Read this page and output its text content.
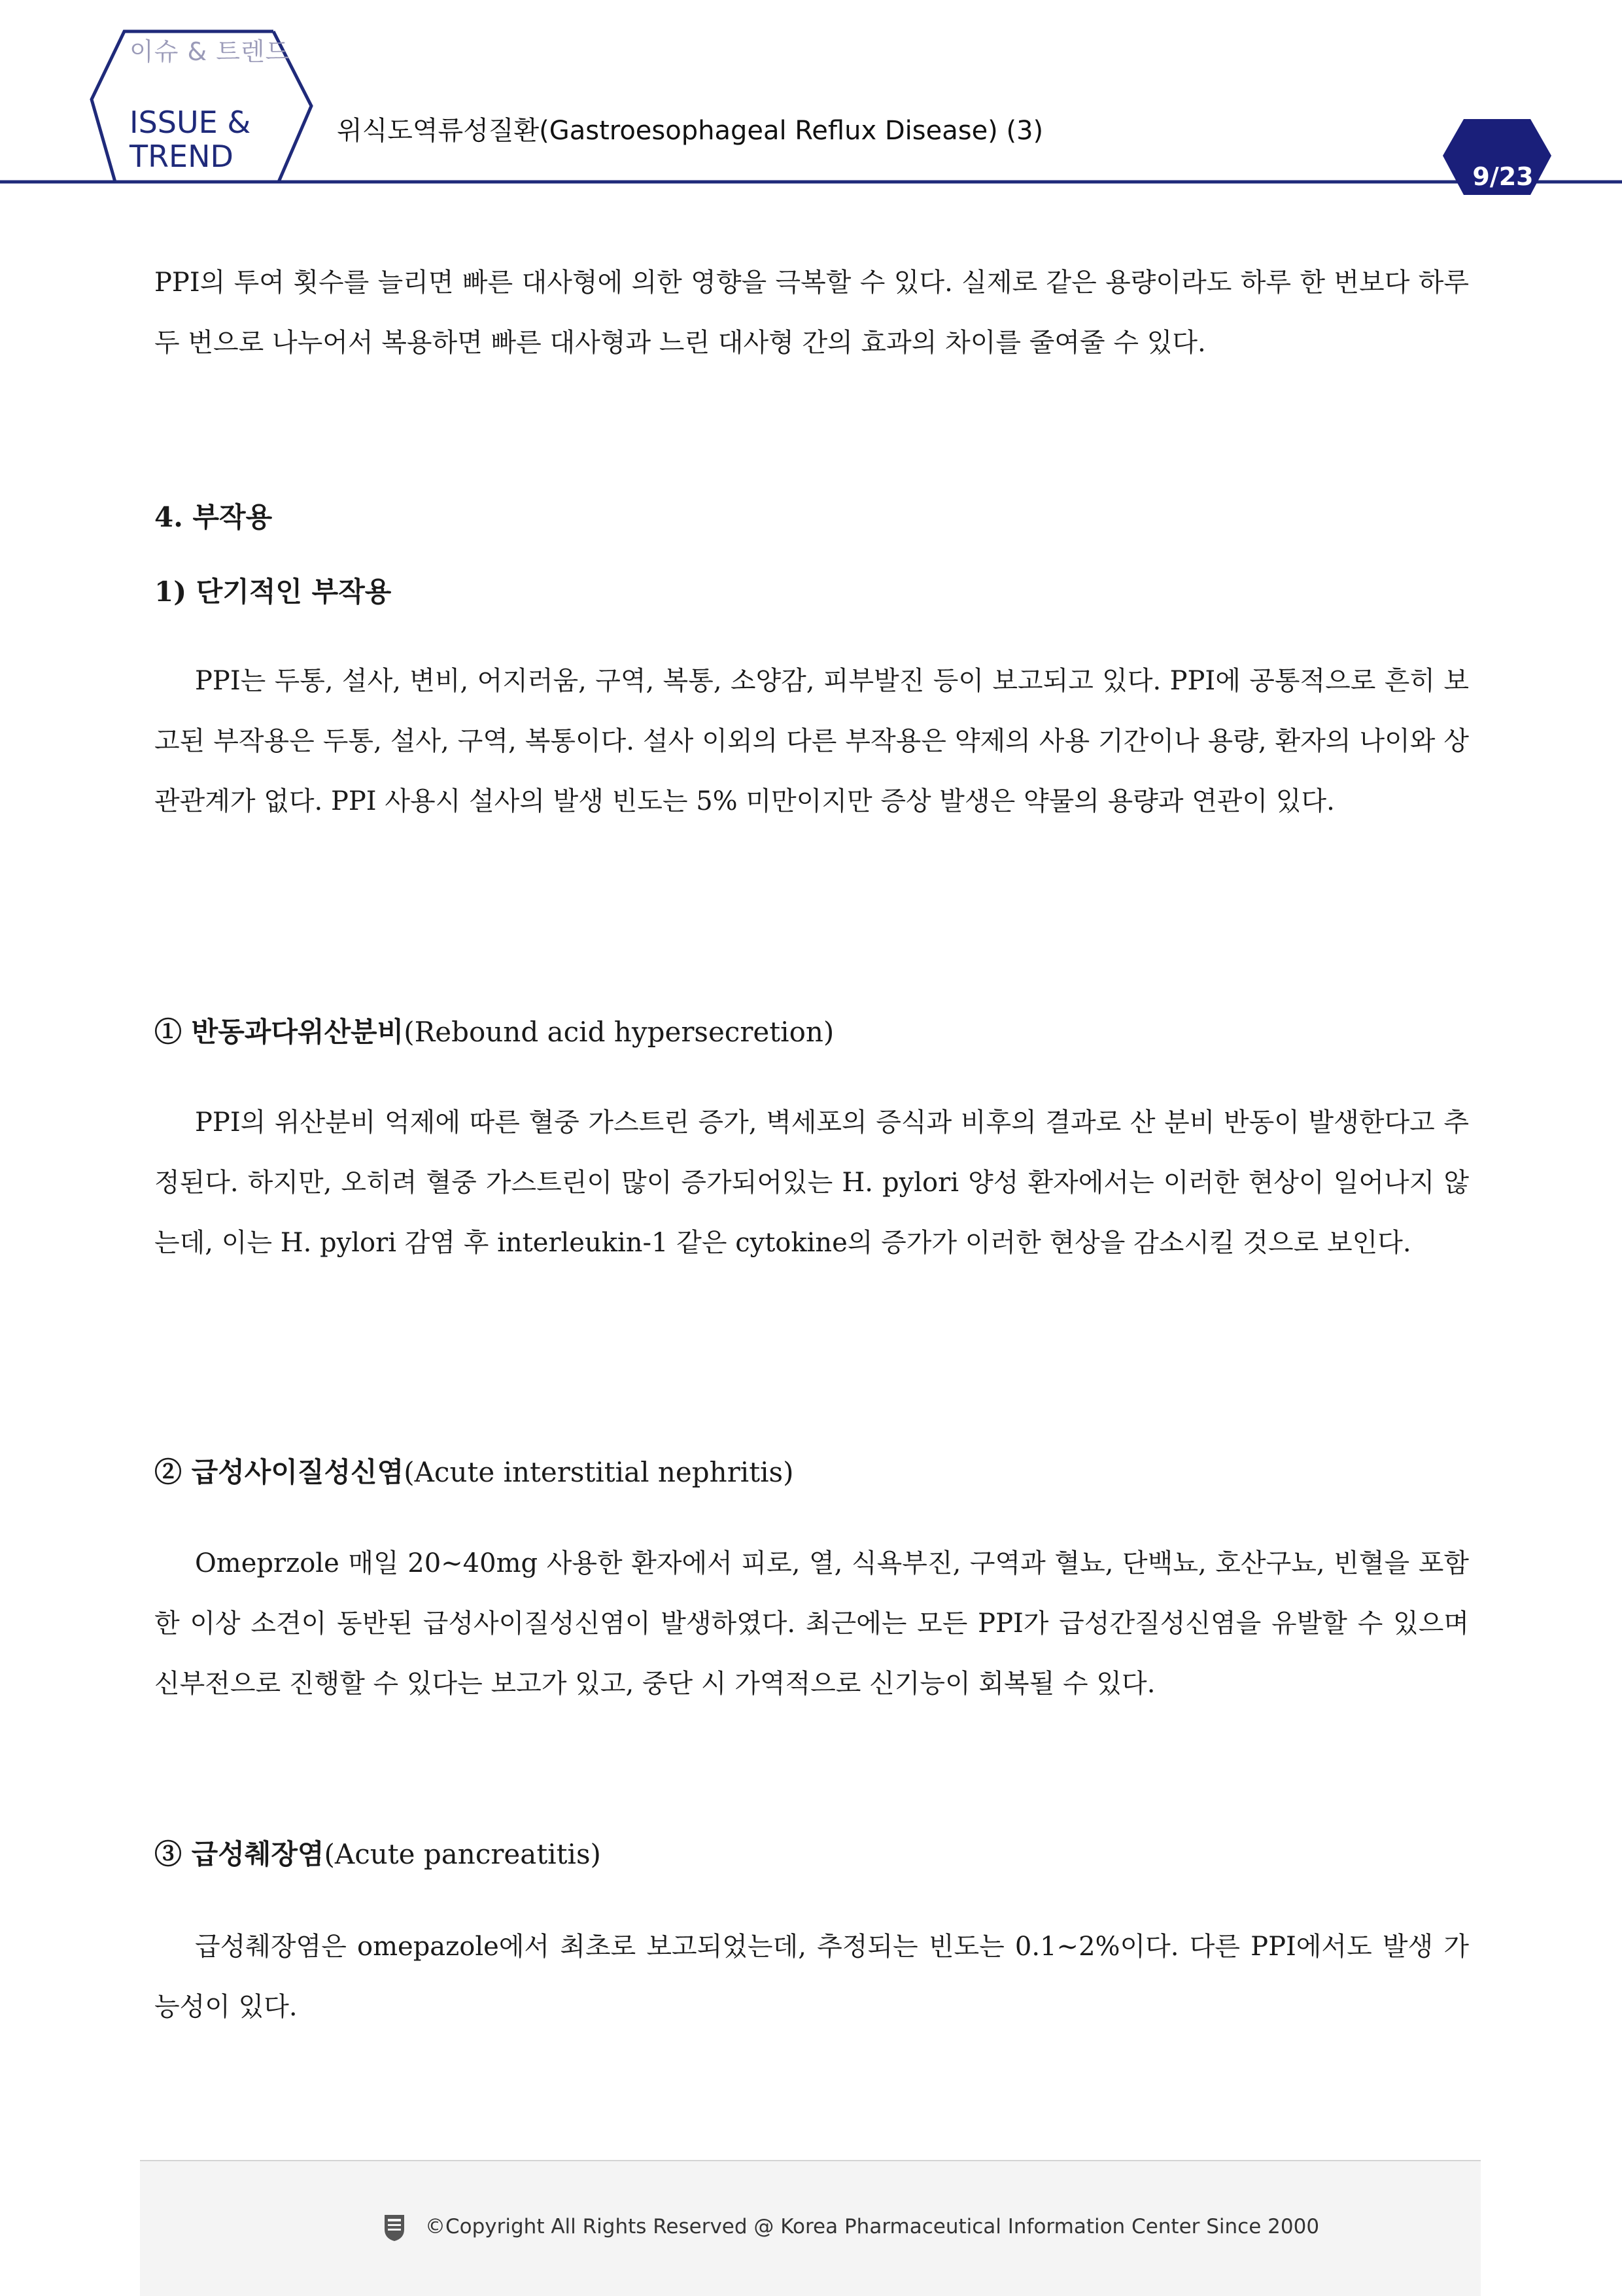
이슈 & 트렌드
ISSUE &
TREND
위식도역류성질환(Gastroesophageal Reflux Disease) (3)
9/23

PPI의 투여 횟수를 늘리면 빠른 대사형에 의한 영향을 극복할 수 있다. 실제로 같은 용량이라도 하루 한 번보다 하루 두 번으로 나누어서 복용하면 빠른 대사형과 느린 대사형 간의 효과의 차이를 줄여줄 수 있다.

4. 부작용

1) 단기적인 부작용

PPI는 두통, 설사, 변비, 어지러움, 구역, 복통, 소양감, 피부발진 등이 보고되고 있다. PPI에 공통적으로 흔히 보고된 부작용은 두통, 설사, 구역, 복통이다. 설사 이외의 다른 부작용은 약제의 사용 기간이나 용량, 환자의 나이와 상관관계가 없다. PPI 사용시 설사의 발생 빈도는 5% 미만이지만 증상 발생은 약물의 용량과 연관이 있다.

① 반동과다위산분비(Rebound acid hypersecretion)

PPI의 위산분비 억제에 따른 혈중 가스트린 증가, 벽세포의 증식과 비후의 결과로 산 분비 반동이 발생한다고 추정된다. 하지만, 오히려 혈중 가스트린이 많이 증가되어있는 H. pylori 양성 환자에서는 이러한 현상이 일어나지 않는데, 이는 H. pylori 감염 후 interleukin-1 같은 cytokine의 증가가 이러한 현상을 감소시킬 것으로 보인다.

② 급성사이질성신염(Acute interstitial nephritis)

Omeprzole 매일 20∼40mg 사용한 환자에서 피로, 열, 식욕부진, 구역과 혈뇨, 단백뇨, 호산구뇨, 빈혈을 포함한 이상 소견이 동반된 급성사이질성신염이 발생하였다. 최근에는 모든 PPI가 급성간질성신염을 유발할 수 있으며 신부전으로 진행할 수 있다는 보고가 있고, 중단 시 가역적으로 신기능이 회복될 수 있다.

③ 급성췌장염(Acute pancreatitis)

급성췌장염은 omepazole에서 최초로 보고되었는데, 추정되는 빈도는 0.1∼2%이다. 다른 PPI에서도 발생 가능성이 있다.

©Copyright All Rights Reserved @ Korea Pharmaceutical Information Center Since 2000
